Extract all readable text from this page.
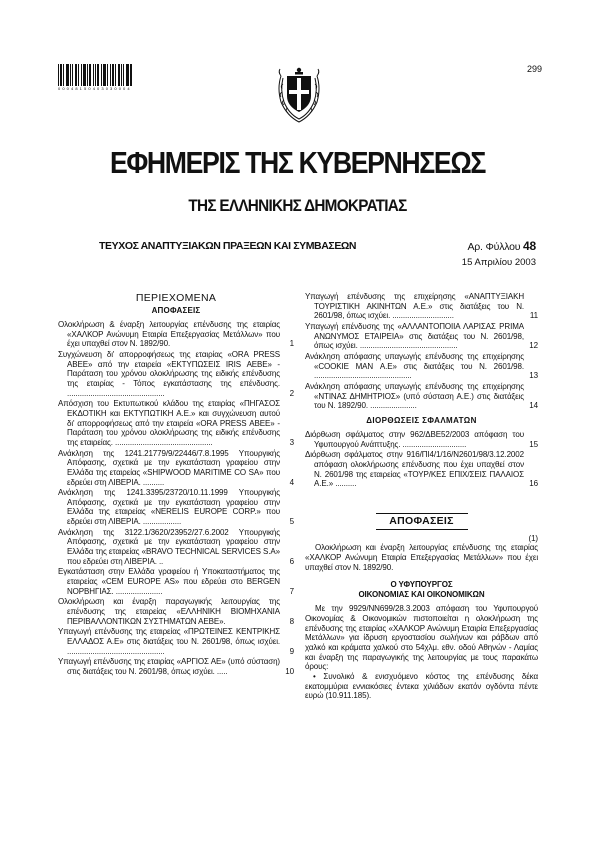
0 0 0 4 8 1 5 0 4 0 3 0 3 0 0 0 4
299
ΕΦΗΜΕΡΙΣ ΤΗΣ ΚΥΒΕΡΝΗΣΕΩΣ
ΤΗΣ ΕΛΛΗΝΙΚΗΣ ΔΗΜΟΚΡΑΤΙΑΣ
ΤΕΥΧΟΣ ΑΝΑΠΤΥΞΙΑΚΩΝ ΠΡΑΞΕΩΝ ΚΑΙ ΣΥΜΒΑΣΕΩΝ	Αρ. Φύλλου 48
15 Απριλίου 2003
ΠΕΡΙΕΧΟΜΕΝΑ
ΑΠΟΦΑΣΕΙΣ
Ολοκλήρωση & έναρξη λειτουργίας επένδυσης της εταιρίας «ΧΑΛΚΟΡ Ανώνυμη Εταιρία Επεξεργασίας Μετάλλων» που έχει υπαχθεί στον Ν. 1892/90.	1
Συγχώνευση δι' απορροφήσεως της εταιρίας «ORA PRESS ΑΒΕΕ» από την εταιρεία «ΕΚΤΥΠΩΣΕΙΣ IRIS ΑΕΒΕ» - Παράταση του χρόνου ολοκλήρωσης της ειδικής επένδυσης της εταιρίας - Τόπος εγκατάστασης της επένδυσης. ..............................................	2
Απόσχιση του Εκτυπωτικού κλάδου της εταιρίας «ΠΗΓΑΣΟΣ ΕΚΔΟΤΙΚΗ και ΕΚΤΥΠΩΤΙΚΗ Α.Ε.» και συγχώνευση αυτού δι' απορροφήσεως από την εταιρεία «ORA PRESS ΑΒΕΕ» - Παράταση του χρόνου ολοκλήρωσης της ειδικής επένδυσης της εταιρείας. ..............................................	3
Ανάκληση της 1241.21779/9/22446/7.8.1995 Υπουργικής Απόφασης, σχετικά με την εγκατάσταση γραφείου στην Ελλάδα της εταιρείας «SHIPWOOD MARITIME CO SA» που εδρεύει στη ΛΙΒΕΡΙΑ. ..........	4
Ανάκληση της 1241.3395/23720/10.11.1999 Υπουργικής Απόφασης, σχετικά με την εγκατάσταση γραφείου στην Ελλάδα της εταιρείας «NERELIS EUROPE CORP.» που εδρεύει στη ΛΙΒΕΡΙΑ. ..................	5
Ανάκληση της 3122.1/3620/23952/27.6.2002 Υπουργικής Απόφασης, σχετικά με την εγκατάσταση γραφείου στην Ελλάδα της εταιρείας «BRAVO TECHNICAL SERVICES S.A» που εδρεύει στη ΛΙΒΕΡΙΑ. ..	6
Εγκατάσταση στην Ελλάδα γραφείου ή Υποκαταστήματος της εταιρείας «CEM EUROPE AS» που εδρεύει στο BERGEN ΝΟΡΒΗΓΙΑΣ. ......................	7
Ολοκλήρωση και έναρξη παραγωγικής λειτουργίας της επένδυσης της εταιρείας «ΕΛΛΗΝΙΚΗ ΒΙΟΜΗΧΑΝΙΑ ΠΕΡΙΒΑΛΛΟΝΤΙΚΩΝ ΣΥΣΤΗΜΑΤΩΝ ΑΕΒΕ».	8
Υπαγωγή επένδυσης της εταιρείας «ΠΡΩΤΕΙΝΕΣ ΚΕΝΤΡΙΚΗΣ ΕΛΛΑΔΟΣ Α.Ε» στις διατάξεις του Ν. 2601/98, όπως ισχύει. ..............................................	9
Υπαγωγή επένδυσης της εταιρίας «ΑΡΓΙΟΣ ΑΕ» (υπό σύσταση) στις διατάξεις του Ν. 2601/98, όπως ισχύει. .....	10
Υπαγωγή επένδυσης της επιχείρησης «ΑΝΑΠΤΥΞΙΑΚΗ ΤΟΥΡΙΣΤΙΚΗ ΑΚΙΝΗΤΩΝ Α.Ε.» στις διατάξεις του Ν. 2601/98, όπως ισχύει. .............................	11
Υπαγωγή επένδυσης της «ΑΛΛΑΝΤΟΠΟΙΙΑ ΛΑΡΙΣΑΣ PRIMA ΑΝΩΝΥΜΟΣ ΕΤΑΙΡΕΙΑ» στις διατάξεις του Ν. 2601/98, όπως ισχύει. ..............................................	12
Ανάκληση απόφασης υπαγωγής επένδυσης της επιχείρησης «COOKIE MAN Α.Ε» στις διατάξεις του Ν. 2601/98. ..............................................	13
Ανάκληση απόφασης υπαγωγής επένδυσης της επιχείρησης «ΝΤΙΝΑΣ ΔΗΜΗΤΡΙΟΣ» (υπό σύσταση Α.Ε.) στις διατάξεις του Ν. 1892/90. ......................	14
ΔΙΟΡΘΩΣΕΙΣ ΣΦΑΛΜΑΤΩΝ
Διόρθωση σφάλματος στην 962/ΔΒΕ52/2003 απόφαση του Υφυπουργού Ανάπτυξης. ..............................	15
Διόρθωση σφάλματος στην 916/ΠΙ4/1/16/Ν2601/98/3.12.2002 απόφαση ολοκλήρωσης επένδυσης που έχει υπαχθεί στον Ν. 2601/98 της εταιρείας «ΤΟΥΡ/ΚΕΣ ΕΠΙΧ/ΣΕΙΣ ΠΑΛΑΙΟΣ Α.Ε.» ..........	16
ΑΠΟΦΑΣΕΙΣ
(1)
Ολοκλήρωση και έναρξη λειτουργίας επένδυσης της εταιρίας «ΧΑΛΚΟΡ Ανώνυμη Εταιρία Επεξεργασίας Μετάλλων» που έχει υπαχθεί στον Ν. 1892/90.
Ο ΥΦΥΠΟΥΡΓΟΣ
ΟΙΚΟΝΟΜΙΑΣ ΚΑΙ ΟΙΚΟΝΟΜΙΚΩΝ
Με την 9929/ΝΝ699/28.3.2003 απόφαση του Υφυπουργού Οικονομίας & Οικονομικών πιστοποιείται η ολοκλήρωση της επένδυσης της εταιρίας «ΧΑΛΚΟΡ Ανώνυμη Εταιρία Επεξεργασίας Μετάλλων» για ίδρυση εργοστασίου σωλήνων και ράβδων από χαλκό και κράματα χαλκού στο 54χλμ. εθν. οδού Αθηνών - Λαμίας και έναρξη της παραγωγικής της λειτουργίας με τους παρακάτω όρους:
• Συνολικό & ενισχυόμενο κόστος της επένδυσης δέκα εκατομμύρια εννιακόσιες έντεκα χιλιάδων εκατόν ογδόντα πέντε ευρώ (10.911.185).
